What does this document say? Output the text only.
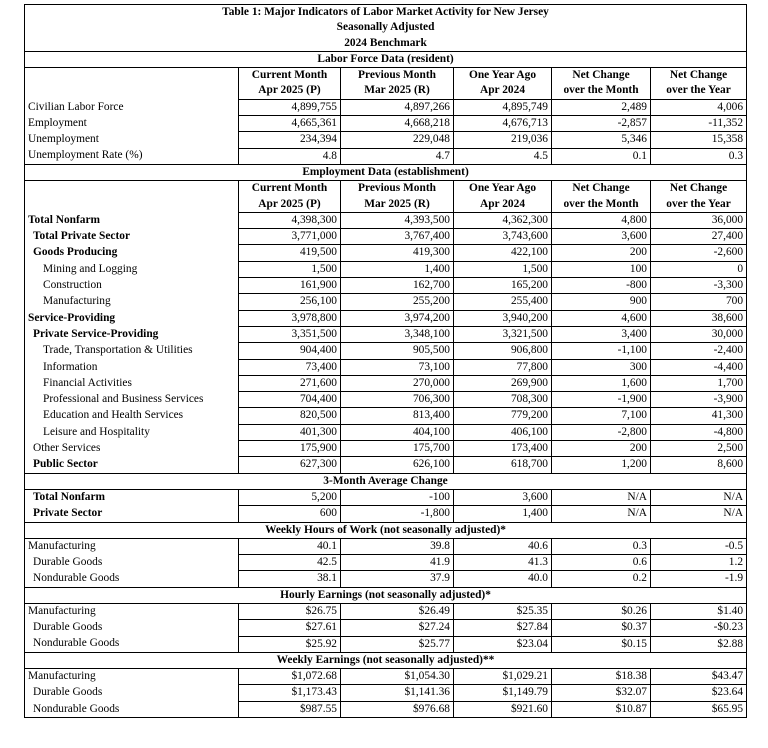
Table 1: Major Indicators of Labor Market Activity for New Jersey					
Seasonally Adjusted					
2024 Benchmark					
Labor Force Data (resident)					
	Current Month	Previous Month	One Year Ago	Net Change	Net Change
	Apr 2025 (P)	Mar 2025 (R)	Apr 2024	over the Month	over the Year
Civilian Labor Force	4,899,755	4,897,266	4,895,749	2,489	4,006
Employment	4,665,361	4,668,218	4,676,713	-2,857	-11,352
Unemployment	234,394	229,048	219,036	5,346	15,358
Unemployment Rate (%)	4.8	4.7	4.5	0.1	0.3
Employment Data (establishment)					
	Current Month	Previous Month	One Year Ago	Net Change	Net Change
	Apr 2025 (P)	Mar 2025 (R)	Apr 2024	over the Month	over the Year
Total Nonfarm	4,398,300	4,393,500	4,362,300	4,800	36,000
Total Private Sector	3,771,000	3,767,400	3,743,600	3,600	27,400
Goods Producing	419,500	419,300	422,100	200	-2,600
Mining and Logging	1,500	1,400	1,500	100	0
Construction	161,900	162,700	165,200	-800	-3,300
Manufacturing	256,100	255,200	255,400	900	700
Service-Providing	3,978,800	3,974,200	3,940,200	4,600	38,600
Private Service-Providing	3,351,500	3,348,100	3,321,500	3,400	30,000
Trade, Transportation & Utilities	904,400	905,500	906,800	-1,100	-2,400
Information	73,400	73,100	77,800	300	-4,400
Financial Activities	271,600	270,000	269,900	1,600	1,700
Professional and Business Services	704,400	706,300	708,300	-1,900	-3,900
Education and Health Services	820,500	813,400	779,200	7,100	41,300
Leisure and Hospitality	401,300	404,100	406,100	-2,800	-4,800
Other Services	175,900	175,700	173,400	200	2,500
Public Sector	627,300	626,100	618,700	1,200	8,600
3-Month Average Change					
Total Nonfarm	5,200	-100	3,600	N/A	N/A
Private Sector	600	-1,800	1,400	N/A	N/A
Weekly Hours of Work (not seasonally adjusted)*					
Manufacturing	40.1	39.8	40.6	0.3	-0.5
Durable Goods	42.5	41.9	41.3	0.6	1.2
Nondurable Goods	38.1	37.9	40.0	0.2	-1.9
Hourly Earnings (not seasonally adjusted)*					
Manufacturing	$26.75	$26.49	$25.35	$0.26	$1.40
Durable Goods	$27.61	$27.24	$27.84	$0.37	-$0.23
Nondurable Goods	$25.92	$25.77	$23.04	$0.15	$2.88
Weekly Earnings (not seasonally adjusted)**					
Manufacturing	$1,072.68	$1,054.30	$1,029.21	$18.38	$43.47
Durable Goods	$1,173.43	$1,141.36	$1,149.79	$32.07	$23.64
Nondurable Goods	$987.55	$976.68	$921.60	$10.87	$65.95
